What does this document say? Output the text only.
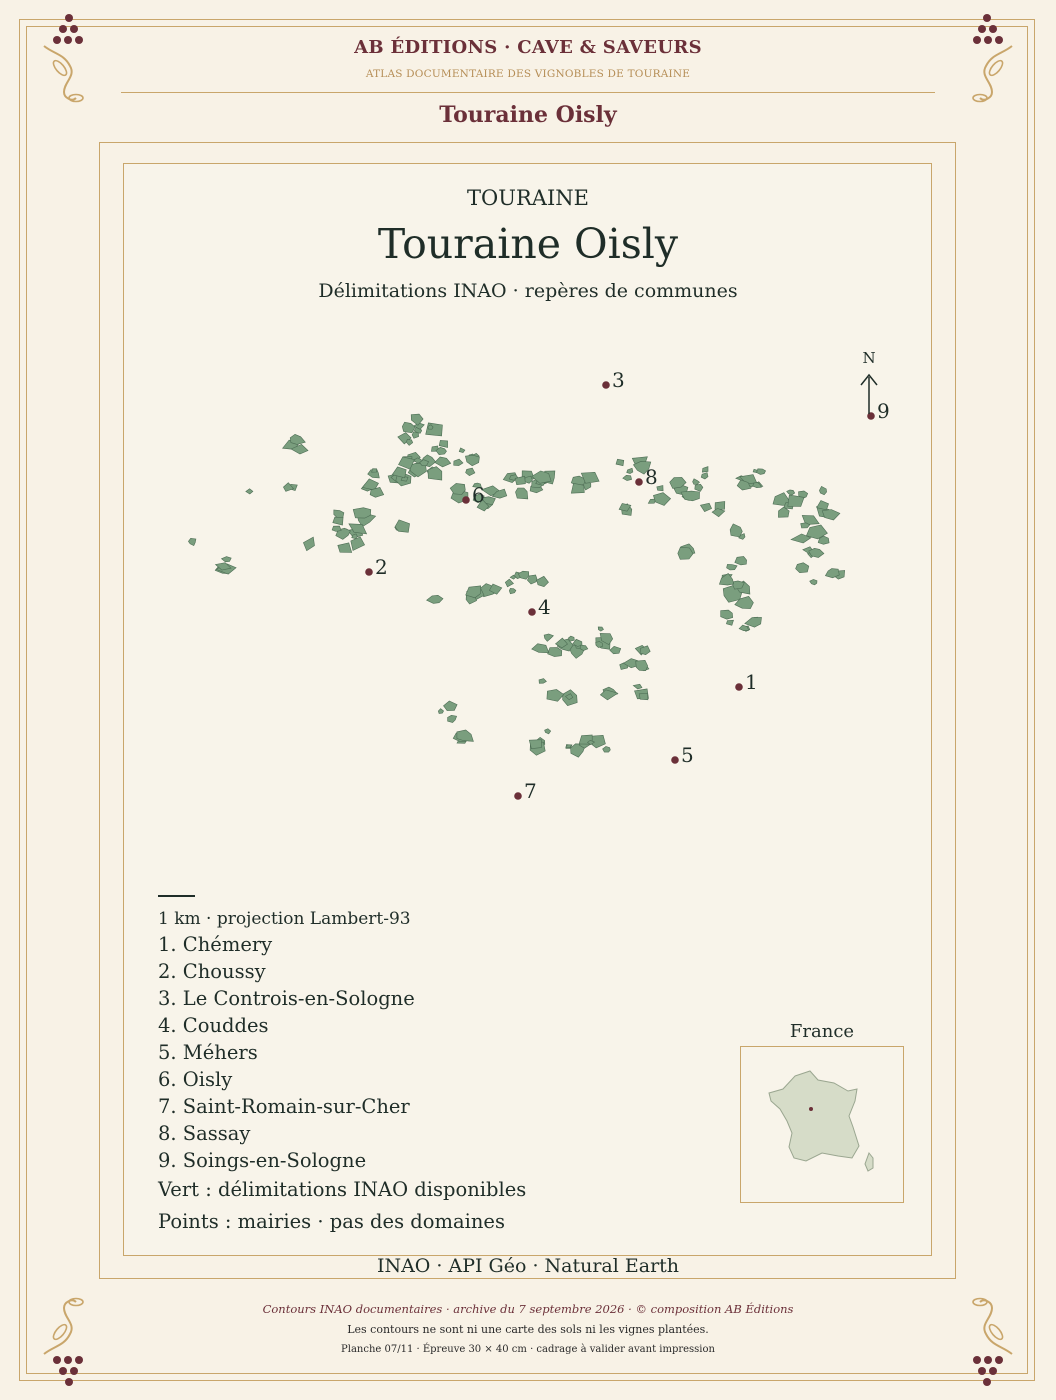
AB ÉDITIONS · CAVE & SAVEURS
ATLAS DOCUMENTAIRE DES VIGNOBLES DE TOURAINE
Touraine Oisly
TOURAINE
Touraine Oisly
Délimitations INAO · repères de communes
1
2
3
4
5
6
7
8
9
N
1 km · projection Lambert-93
1. Chémery
2. Choussy
3. Le Controis-en-Sologne
4. Couddes
5. Méhers
6. Oisly
7. Saint-Romain-sur-Cher
8. Sassay
9. Soings-en-Sologne
Vert : délimitations INAO disponibles
Points : mairies · pas des domaines
France
INAO · API Géo · Natural Earth
Contours INAO documentaires · archive du 7 septembre 2026 · © composition AB Éditions
Les contours ne sont ni une carte des sols ni les vignes plantées.
Planche 07/11 · Épreuve 30 × 40 cm · cadrage à valider avant impression
